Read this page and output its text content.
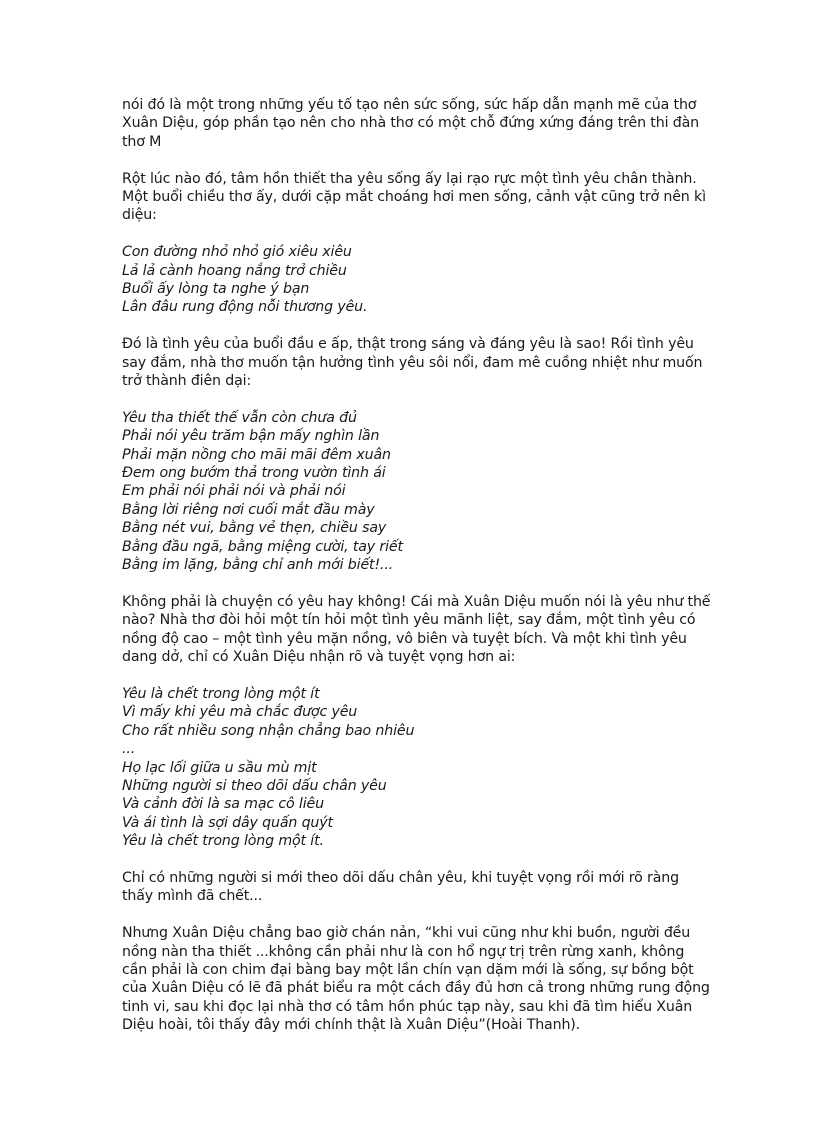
nói đó là một trong những yếu tố tạo nên sức sống, sức hấp dẫn mạnh mẽ của thơ
Xuân Diệu, góp phần tạo nên cho nhà thơ có một chỗ đứng xứng đáng trên thi đàn
thơ M
Rột lúc nào đó, tâm hồn thiết tha yêu sống ấy lại rạo rực một tình yêu chân thành.
Một buổi chiều thơ ấy, dưới cặp mắt choáng hơi men sống, cảnh vật cũng trở nên kì
diệu:
Con đường nhỏ nhỏ gió xiêu xiêu
Lả lả cành hoang nắng trở chiều
Buổi ấy lòng ta nghe ý bạn
Lân đâu rung động nỗi thương yêu.
Đó là tình yêu của buổi đầu e ấp, thật trong sáng và đáng yêu là sao! Rồi tình yêu
say đắm, nhà thơ muốn tận hưởng tình yêu sôi nổi, đam mê cuồng nhiệt như muốn
trở thành điên dại:
Yêu tha thiết thế vẫn còn chưa đủ
Phải nói yêu trăm bận mấy nghìn lần
Phải mặn nồng cho mãi mãi đêm xuân
Đem ong bướm thả trong vườn tình ái
Em phải nói phải nói và phải nói
Bằng lời riêng nơi cuối mắt đầu mày
Bằng nét vui, bằng vẻ thẹn, chiều say
Bằng đầu ngã, bằng miệng cười, tay riết
Bằng im lặng, bằng chỉ anh mới biết!...
Không phải là chuyện có yêu hay không! Cái mà Xuân Diệu muốn nói là yêu như thế
nào? Nhà thơ đòi hỏi một tín hỏi một tình yêu mãnh liệt, say đắm, một tình yêu có
nồng độ cao – một tình yêu mặn nồng, vô biên và tuyệt bích. Và một khi tình yêu
dang dở, chỉ có Xuân Diệu nhận rõ và tuyệt vọng hơn ai:
Yêu là chết trong lòng một ít
Vì mấy khi yêu mà chắc được yêu
Cho rất nhiều song nhận chẳng bao nhiêu
...
Họ lạc lối giữa u sầu mù mịt
Những người si theo dõi dấu chân yêu
Và cảnh đời là sa mạc cô liêu
Và ái tình là sợi dây quấn quýt
Yêu là chết trong lòng một ít.
Chỉ có những người si mới theo dõi dấu chân yêu, khi tuyệt vọng rồi mới rõ ràng
thấy mình đã chết...
Nhưng Xuân Diệu chẳng bao giờ chán nản, “khi vui cũng như khi buồn, người đều
nồng nàn tha thiết ...không cần phải như là con hổ ngự trị trên rừng xanh, không
cần phải là con chim đại bàng bay một lần chín vạn dặm mới là sống, sự bồng bột
của Xuân Diệu có lẽ đã phát biểu ra một cách đầy đủ hơn cả trong những rung động
tinh vi, sau khi đọc lại nhà thơ có tâm hồn phúc tạp này, sau khi đã tìm hiểu Xuân
Diệu hoài, tôi thấy đây mới chính thật là Xuân Diệu”(Hoài Thanh).
